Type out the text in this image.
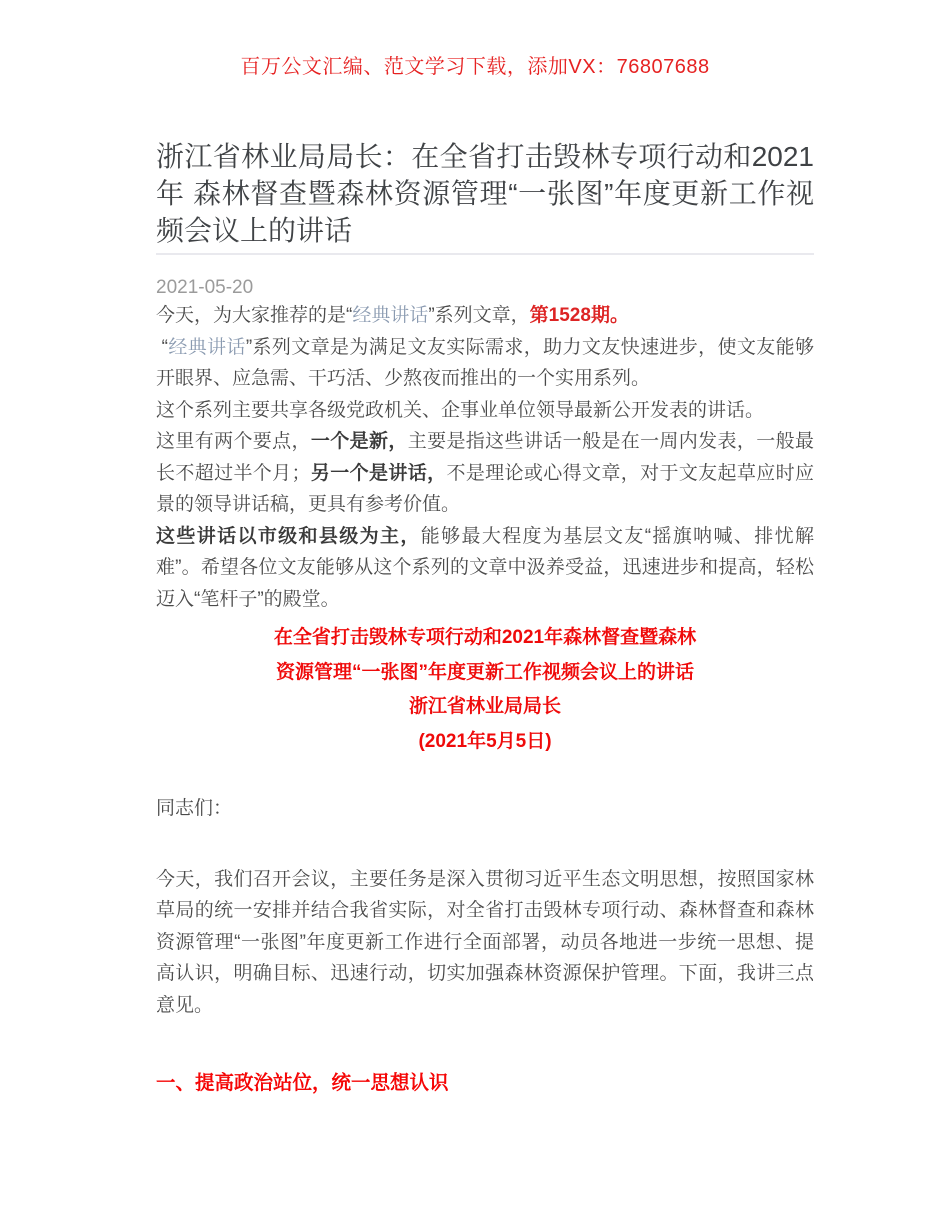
百万公文汇编、范文学习下载，添加VX：76807688
浙江省林业局局长：在全省打击毁林专项行动和2021年 森林督查暨森林资源管理“一张图”年度更新工作视频会议上的讲话
2021-05-20

今天，为大家推荐的是“经典讲话”系列文章，第1528期。

“经典讲话”系列文章是为满足文友实际需求，助力文友快速进步，使文友能够开眼界、应急需、干巧活、少熬夜而推出的一个实用系列。

这个系列主要共享各级党政机关、企事业单位领导最新公开发表的讲话。

这里有两个要点，一个是新，主要是指这些讲话一般是在一周内发表，一般最长不超过半个月；另一个是讲话，不是理论或心得文章，对于文友起草应时应景的领导讲话稿，更具有参考价值。

这些讲话以市级和县级为主，能够最大程度为基层文友“摇旗呐喊、排忧解难”。希望各位文友能够从这个系列的文章中汲养受益，迅速进步和提高，轻松迈入“笔杆子”的殿堂。

在全省打击毁林专项行动和2021年森林督查暨森林
资源管理“一张图”年度更新工作视频会议上的讲话
浙江省林业局局长
(2021年5月5日)

同志们：

今天，我们召开会议，主要任务是深入贯彻习近平生态文明思想，按照国家林草局的统一安排并结合我省实际，对全省打击毁林专项行动、森林督查和森林资源管理“一张图”年度更新工作进行全面部署，动员各地进一步统一思想、提高认识，明确目标、迅速行动，切实加强森林资源保护管理。下面，我讲三点意见。

一、提高政治站位，统一思想认识
